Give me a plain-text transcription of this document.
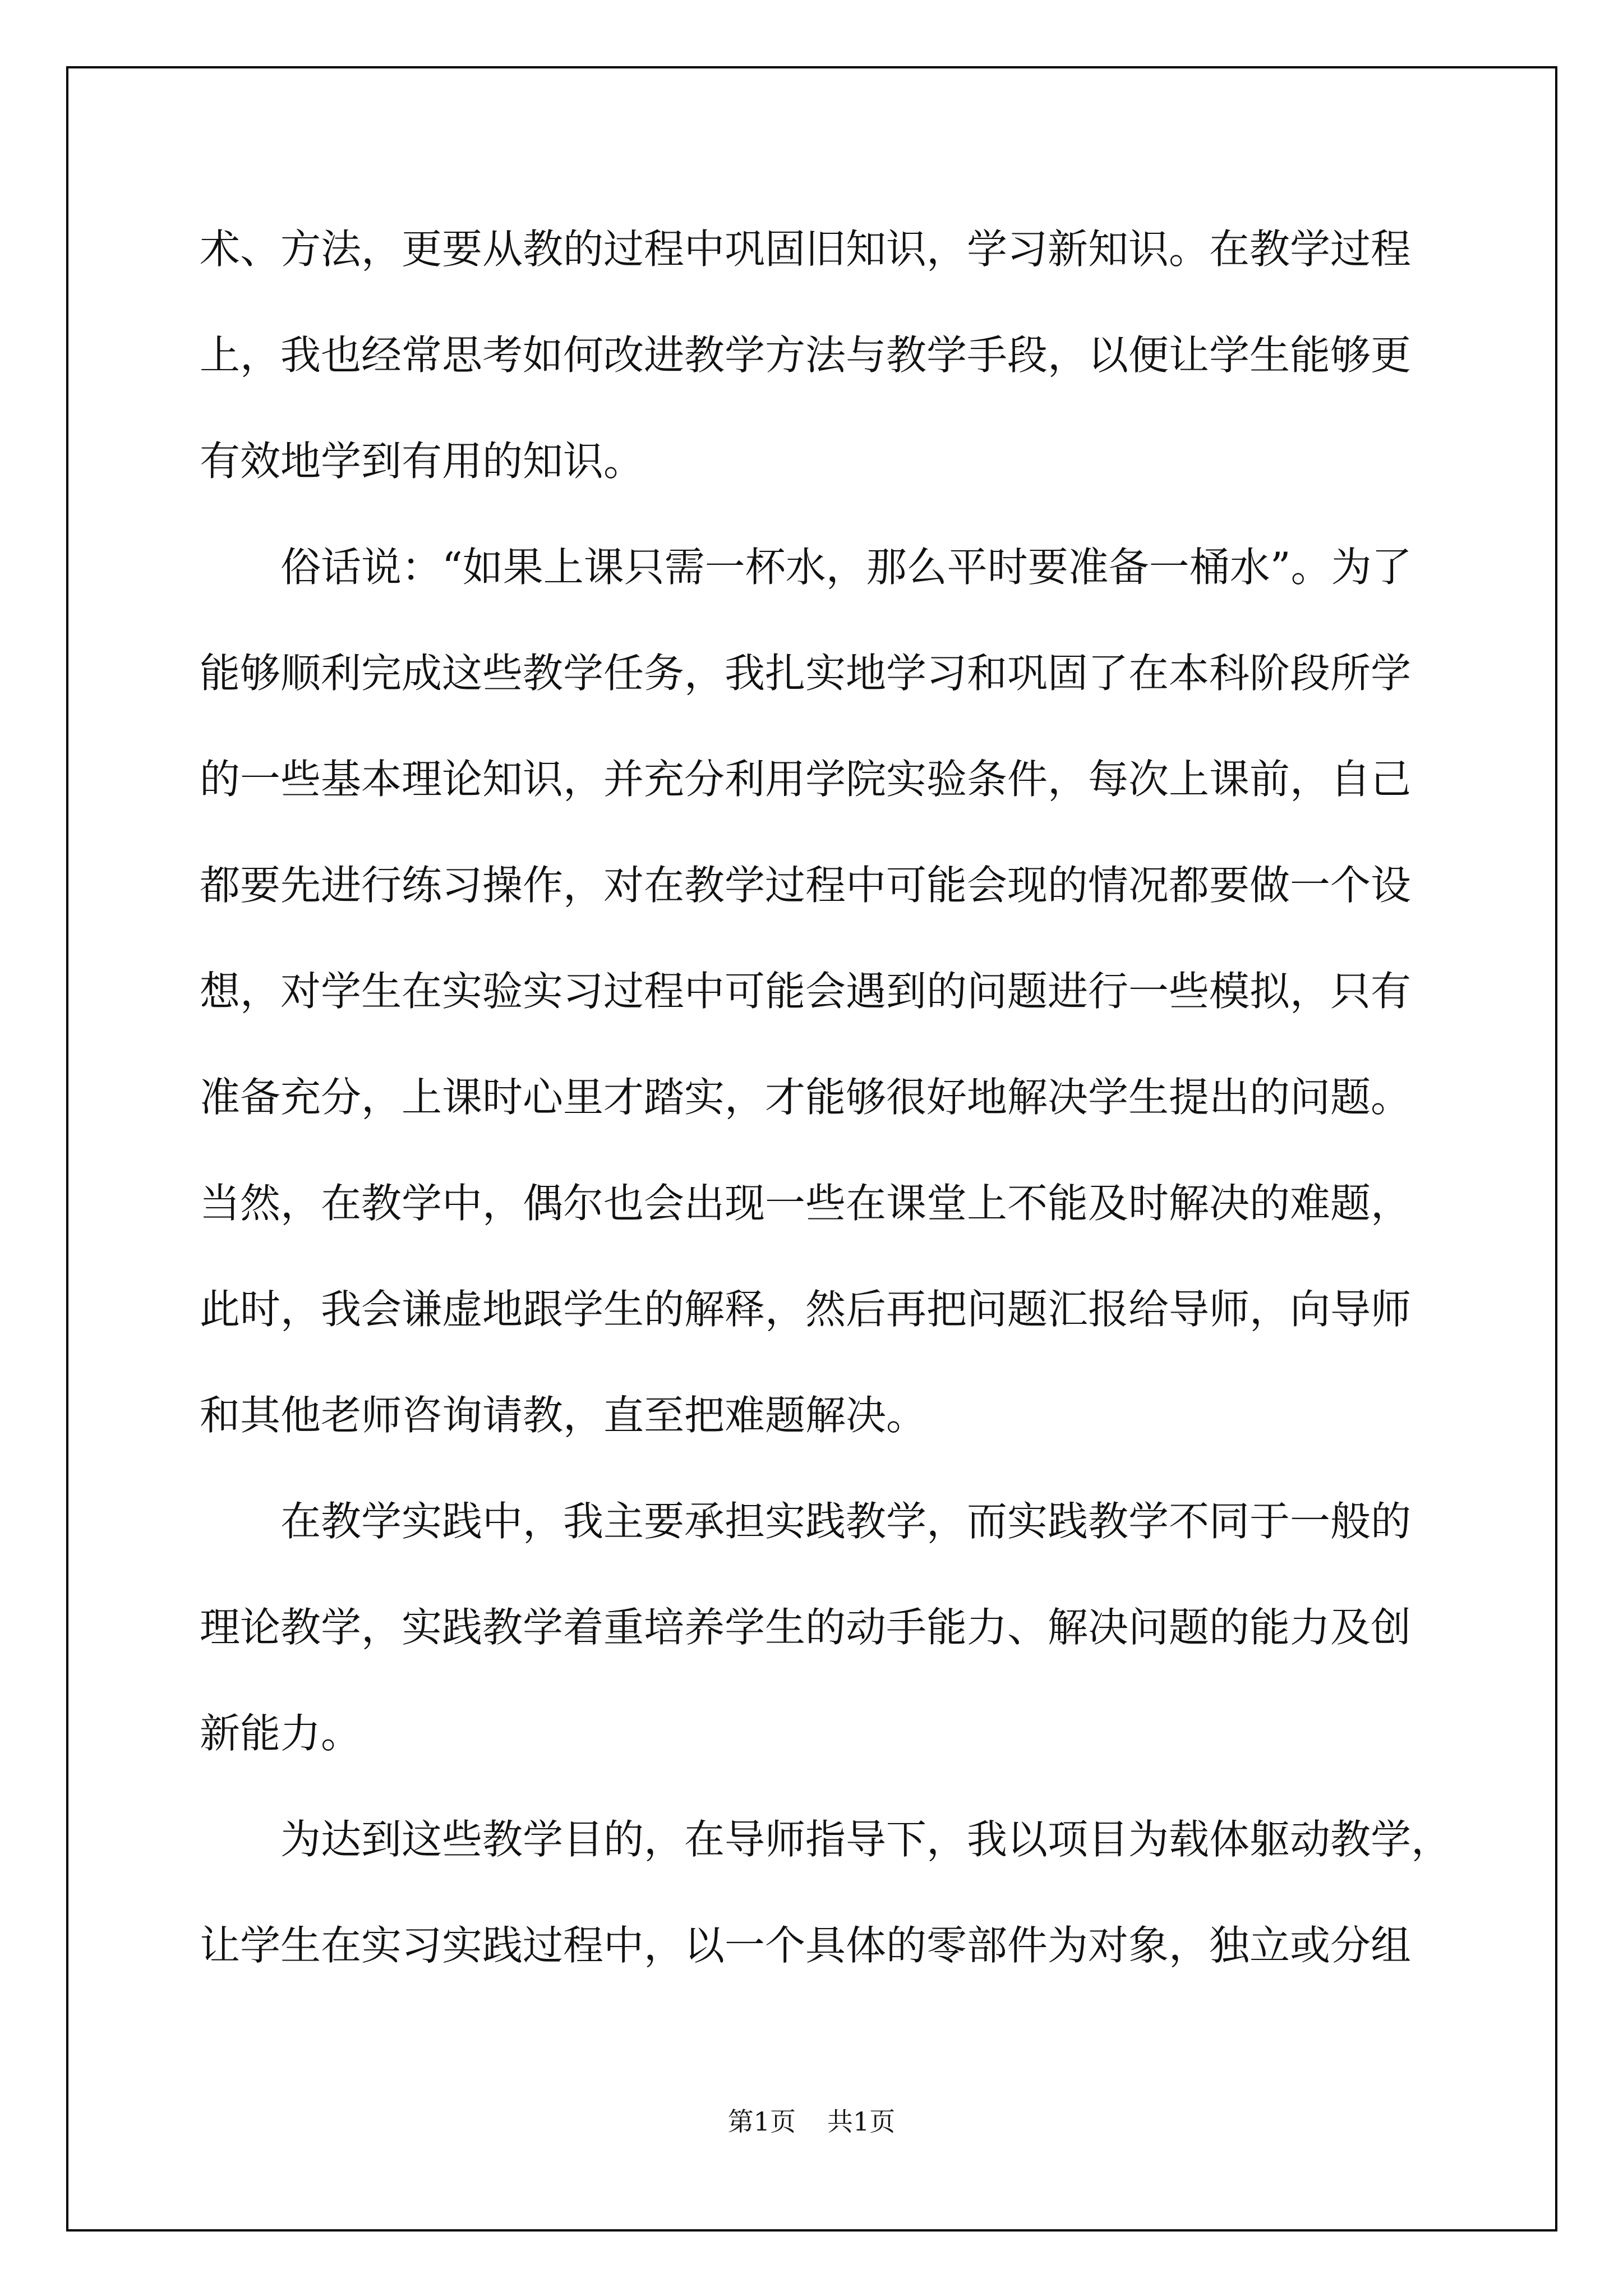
术、方法，更要从教的过程中巩固旧知识，学习新知识。在教学过程
上，我也经常思考如何改进教学方法与教学手段，以便让学生能够更
有效地学到有用的知识。
俗话说：“如果上课只需一杯水，那么平时要准备一桶水”。为了
能够顺利完成这些教学任务，我扎实地学习和巩固了在本科阶段所学
的一些基本理论知识，并充分利用学院实验条件，每次上课前，自己
都要先进行练习操作，对在教学过程中可能会现的情况都要做一个设
想，对学生在实验实习过程中可能会遇到的问题进行一些模拟，只有
准备充分，上课时心里才踏实，才能够很好地解决学生提出的问题。
当然，在教学中，偶尔也会出现一些在课堂上不能及时解决的难题，
此时，我会谦虚地跟学生的解释，然后再把问题汇报给导师，向导师
和其他老师咨询请教，直至把难题解决。
在教学实践中，我主要承担实践教学，而实践教学不同于一般的
理论教学，实践教学着重培养学生的动手能力、解决问题的能力及创
新能力。
为达到这些教学目的，在导师指导下，我以项目为载体躯动教学，
让学生在实习实践过程中，以一个具体的零部件为对象，独立或分组
第1页 共1页
